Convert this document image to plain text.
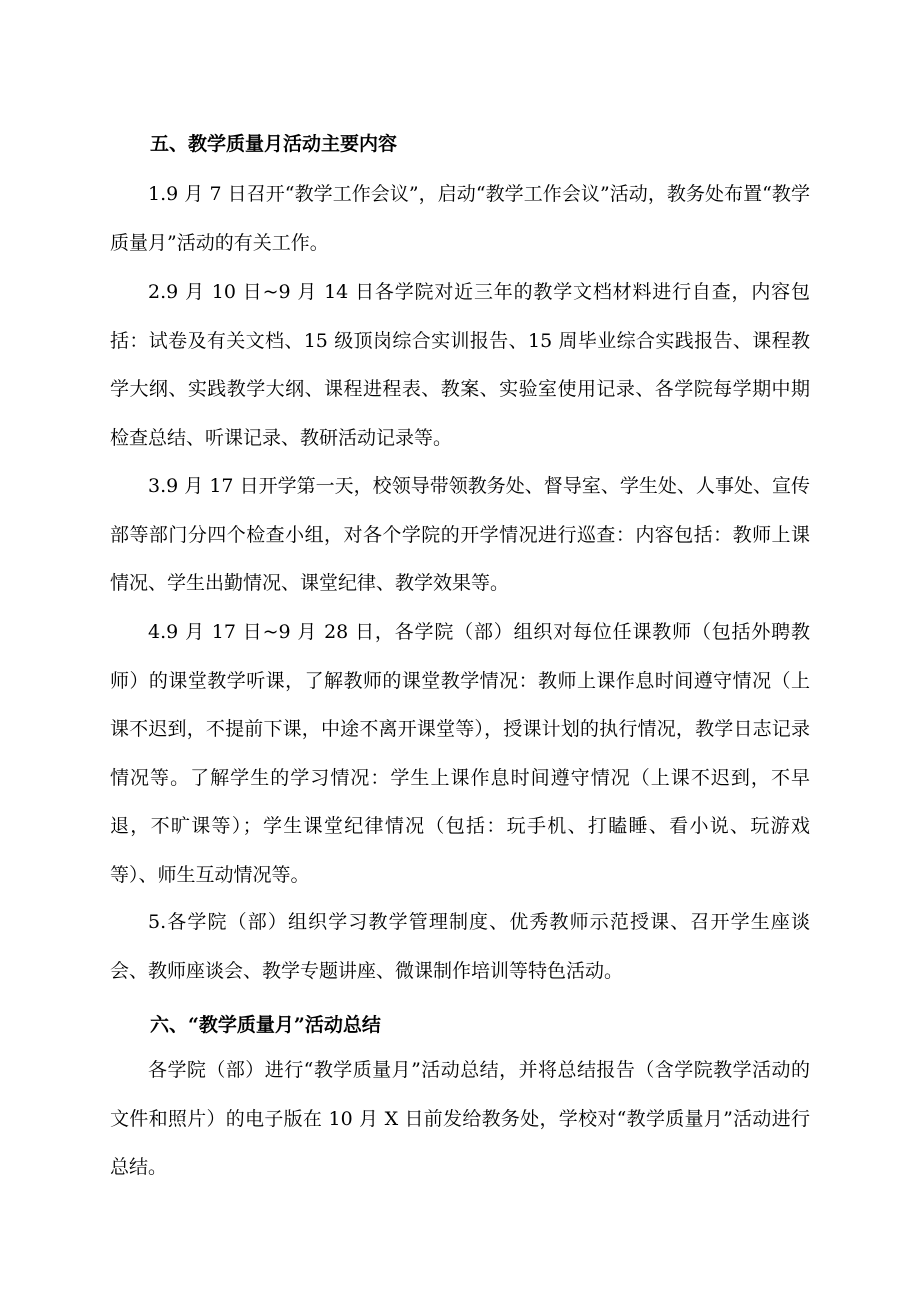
五、教学质量月活动主要内容

1.9 月 7 日召开“教学工作会议”，启动“教学工作会议”活动，教务处布置“教学质量月”活动的有关工作。

2.9 月 10 日~9 月 14 日各学院对近三年的教学文档材料进行自查，内容包括：试卷及有关文档、15 级顶岗综合实训报告、15 周毕业综合实践报告、课程教学大纲、实践教学大纲、课程进程表、教案、实验室使用记录、各学院每学期中期检查总结、听课记录、教研活动记录等。

3.9 月 17 日开学第一天，校领导带领教务处、督导室、学生处、人事处、宣传部等部门分四个检查小组，对各个学院的开学情况进行巡查：内容包括：教师上课情况、学生出勤情况、课堂纪律、教学效果等。

4.9 月 17 日~9 月 28 日，各学院（部）组织对每位任课教师（包括外聘教师）的课堂教学听课，了解教师的课堂教学情况：教师上课作息时间遵守情况（上课不迟到，不提前下课，中途不离开课堂等），授课计划的执行情况，教学日志记录情况等。了解学生的学习情况：学生上课作息时间遵守情况（上课不迟到，不早退，不旷课等）；学生课堂纪律情况（包括：玩手机、打瞌睡、看小说、玩游戏等）、师生互动情况等。

5.各学院（部）组织学习教学管理制度、优秀教师示范授课、召开学生座谈会、教师座谈会、教学专题讲座、微课制作培训等特色活动。

六、“教学质量月”活动总结

各学院（部）进行“教学质量月”活动总结，并将总结报告（含学院教学活动的文件和照片）的电子版在 10 月 X 日前发给教务处，学校对“教学质量月”活动进行总结。
